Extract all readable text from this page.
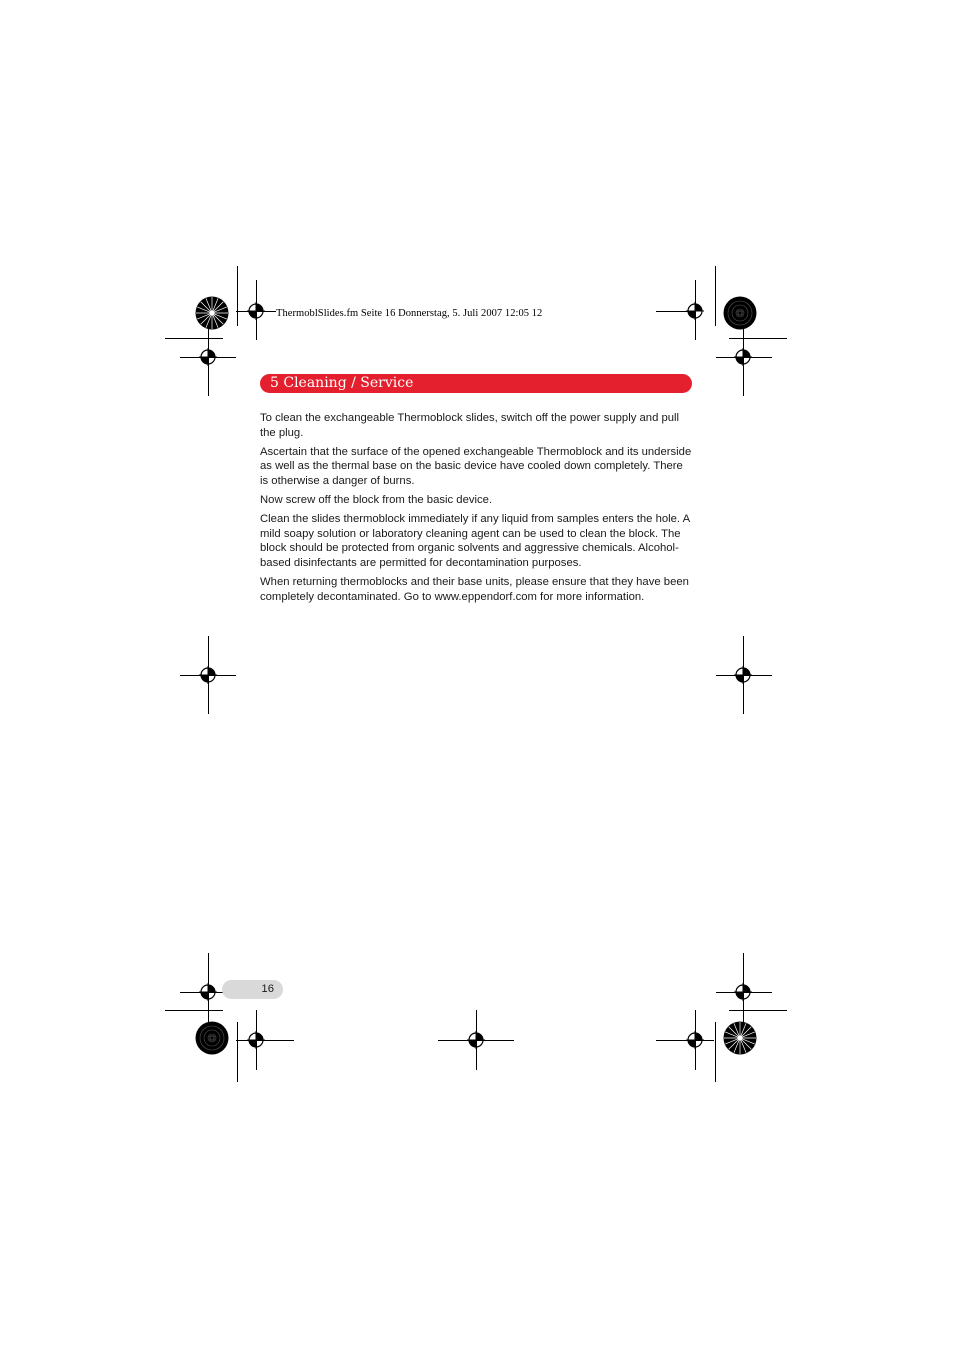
ThermoblSlides.fm Seite 16 Donnerstag, 5. Juli 2007 12:05 12
5 Cleaning / Service

To clean the exchangeable Thermoblock slides, switch off the power supply and pull the plug.

Ascertain that the surface of the opened exchangeable Thermoblock and its underside as well as the thermal base on the basic device have cooled down completely. There is otherwise a danger of burns.

Now screw off the block from the basic device.

Clean the slides thermoblock immediately if any liquid from samples enters the hole. A mild soapy solution or laboratory cleaning agent can be used to clean the block. The block should be protected from organic solvents and aggressive chemicals. Alcohol-based disinfectants are permitted for decontamination purposes.

When returning thermoblocks and their base units, please ensure that they have been completely decontaminated. Go to www.eppendorf.com for more information.

16
